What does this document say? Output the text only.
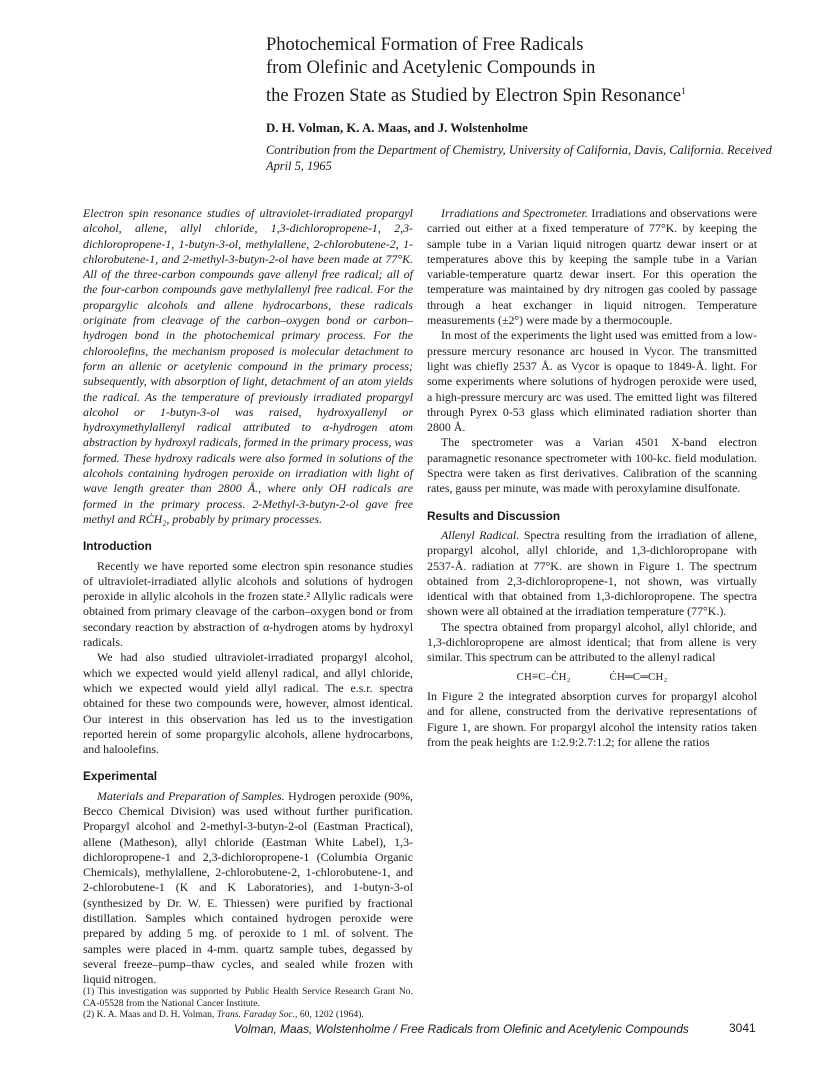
Photochemical Formation of Free Radicals
from Olefinic and Acetylenic Compounds in
the Frozen State as Studied by Electron Spin Resonance$^1$

D. H. Volman, K. A. Maas, and J. Wolstenholme

Contribution from the Department of Chemistry, University of California, Davis, California. Received April 5, 1965

Electron spin resonance studies of ultraviolet-irradiated propargyl alcohol, allene, allyl chloride, 1,3-dichloropropene-1, 2,3-dichloropropene-1, 1-butyn-3-ol, methylallene, 2-chlorobutene-2, 1-chlorobutene-1, and 2-methyl-3-butyn-2-ol have been made at 77°K. All of the three-carbon compounds gave allenyl free radical; all of the four-carbon compounds gave methylallenyl free radical. For the propargylic alcohols and allene hydrocarbons, these radicals originate from cleavage of the carbon–oxygen bond or carbon–hydrogen bond in the photochemical primary process. For the chloroolefins, the mechanism proposed is molecular detachment to form an allenic or acetylenic compound in the primary process; subsequently, with absorption of light, detachment of an atom yields the radical. As the temperature of previously irradiated propargyl alcohol or 1-butyn-3-ol was raised, hydroxyallenyl or hydroxymethylallenyl radical attributed to α-hydrogen atom abstraction by hydroxyl radicals, formed in the primary process, was formed. These hydroxy radicals were also formed in solutions of the alcohols containing hydrogen peroxide on irradiation with light of wave length greater than 2800 Å., where only OH radicals are formed in the primary process. 2-Methyl-3-butyn-2-ol gave free methyl and RĊH₂, probably by primary processes.

Introduction

Recently we have reported some electron spin resonance studies of ultraviolet-irradiated allylic alcohols and solutions of hydrogen peroxide in allylic alcohols in the frozen state.² Allylic radicals were obtained from primary cleavage of the carbon–oxygen bond or from secondary reaction by abstraction of α-hydrogen atoms by hydroxyl radicals.

We had also studied ultraviolet-irradiated propargyl alcohol, which we expected would yield allenyl radical, and allyl chloride, which we expected would yield allyl radical. The e.s.r. spectra obtained for these two compounds were, however, almost identical. Our interest in this observation has led us to the investigation reported herein of some propargylic alcohols, allene hydrocarbons, and haloolefins.

Experimental

Materials and Preparation of Samples. Hydrogen peroxide (90%, Becco Chemical Division) was used without further purification. Propargyl alcohol and 2-methyl-3-butyn-2-ol (Eastman Practical), allene (Matheson), allyl chloride (Eastman White Label), 1,3-dichloropropene-1 and 2,3-dichloropropene-1 (Columbia Organic Chemicals), methylallene, 2-chlorobutene-2, 1-chlorobutene-1, and 2-chlorobutene-1 (K and K Laboratories), and 1-butyn-3-ol (synthesized by Dr. W. E. Thiessen) were purified by fractional distillation. Samples which contained hydrogen peroxide were prepared by adding 5 mg. of peroxide to 1 ml. of solvent. The samples were placed in 4-mm. quartz sample tubes, degassed by several freeze–pump–thaw cycles, and sealed while frozen with liquid nitrogen.

Irradiations and Spectrometer. Irradiations and observations were carried out either at a fixed temperature of 77°K. by keeping the sample tube in a Varian liquid nitrogen quartz dewar insert or at temperatures above this by keeping the sample tube in a Varian variable-temperature quartz dewar insert. For this operation the temperature was maintained by dry nitrogen gas cooled by passage through a heat exchanger in liquid nitrogen. Temperature measurements (±2°) were made by a thermocouple.

In most of the experiments the light used was emitted from a low-pressure mercury resonance arc housed in Vycor. The transmitted light was chiefly 2537 Å. as Vycor is opaque to 1849-Å. light. For some experiments where solutions of hydrogen peroxide were used, a high-pressure mercury arc was used. The emitted light was filtered through Pyrex 0-53 glass which eliminated radiation shorter than 2800 Å.

The spectrometer was a Varian 4501 X-band electron paramagnetic resonance spectrometer with 100-kc. field modulation. Spectra were taken as first derivatives. Calibration of the scanning rates, gauss per minute, was made with peroxylamine disulfonate.

Results and Discussion

Allenyl Radical. Spectra resulting from the irradiation of allene, propargyl alcohol, allyl chloride, and 1,3-dichloropropane with 2537-Å. radiation at 77°K. are shown in Figure 1. The spectrum obtained from 2,3-dichloropropene-1, not shown, was virtually identical with that obtained from 1,3-dichloropropene. The spectra shown were all obtained at the irradiation temperature (77°K.).

The spectra obtained from propargyl alcohol, allyl chloride, and 1,3-dichloropropene are almost identical; that from allene is very similar. This spectrum can be attributed to the allenyl radical

CH≡C–ĊH₂	ĊH═C═CH₂

In Figure 2 the integrated absorption curves for propargyl alcohol and for allene, constructed from the derivative representations of Figure 1, are shown. For propargyl alcohol the intensity ratios taken from the peak heights are 1:2.9:2.7:1.2; for allene the ratios

(1) This investigation was supported by Public Health Service Research Grant No. CA-05528 from the National Cancer Institute.

(2) K. A. Maas and D. H. Volman, Trans. Faraday Soc., 60, 1202 (1964).

Volman, Maas, Wolstenholme / Free Radicals from Olefinic and Acetylenic Compounds	3041
